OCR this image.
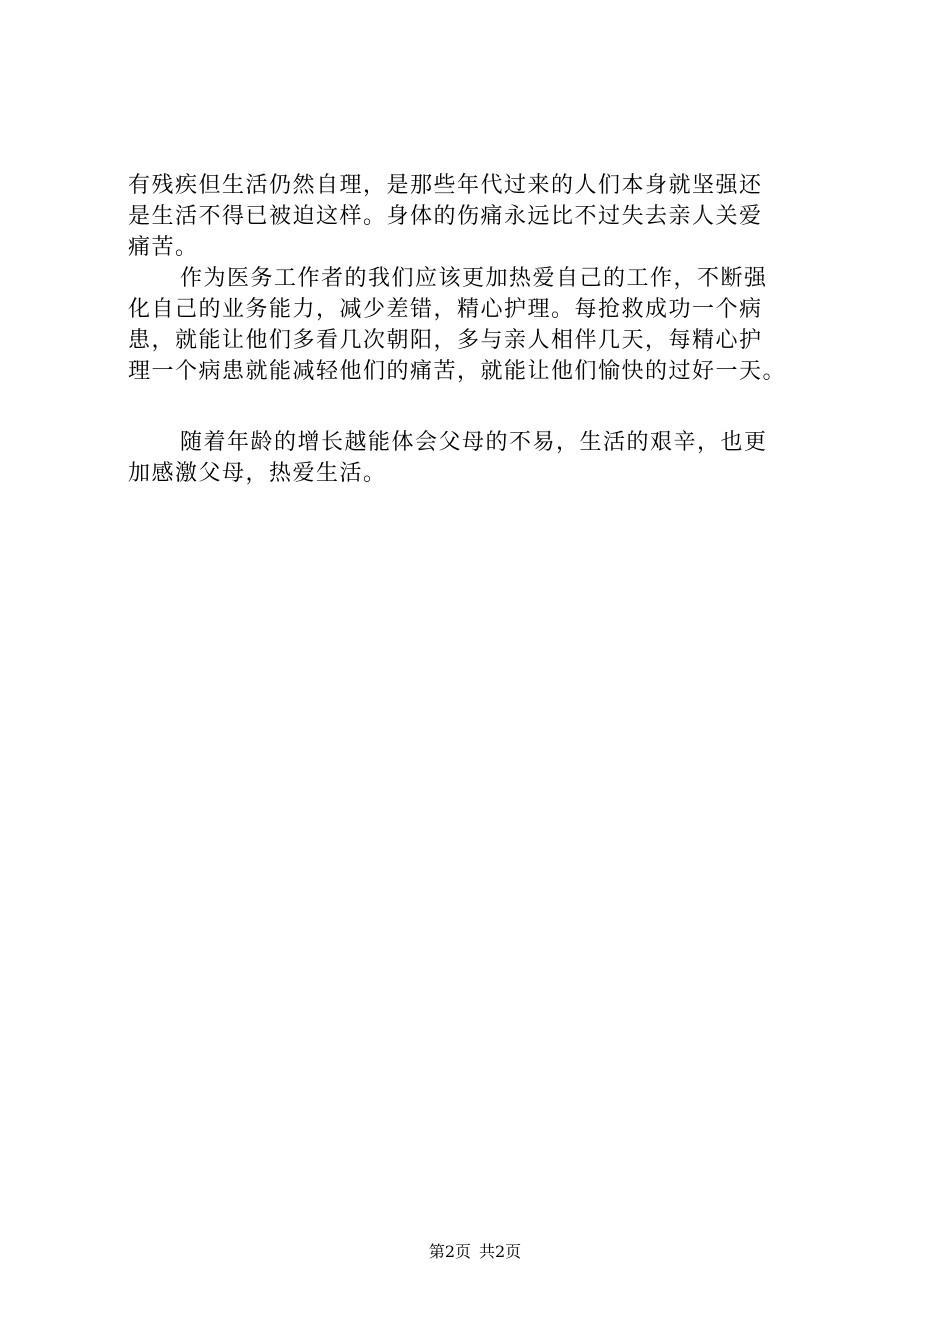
有残疾但生活仍然自理，是那些年代过来的人们本身就坚强还
是生活不得已被迫这样。身体的伤痛永远比不过失去亲人关爱
痛苦。
作为医务工作者的我们应该更加热爱自己的工作，不断强
化自己的业务能力，减少差错，精心护理。每抢救成功一个病
患，就能让他们多看几次朝阳，多与亲人相伴几天，每精心护
理一个病患就能减轻他们的痛苦，就能让他们愉快的过好一天。
随着年龄的增长越能体会父母的不易，生活的艰辛，也更
加感激父母，热爱生活。
第2页 共2页
